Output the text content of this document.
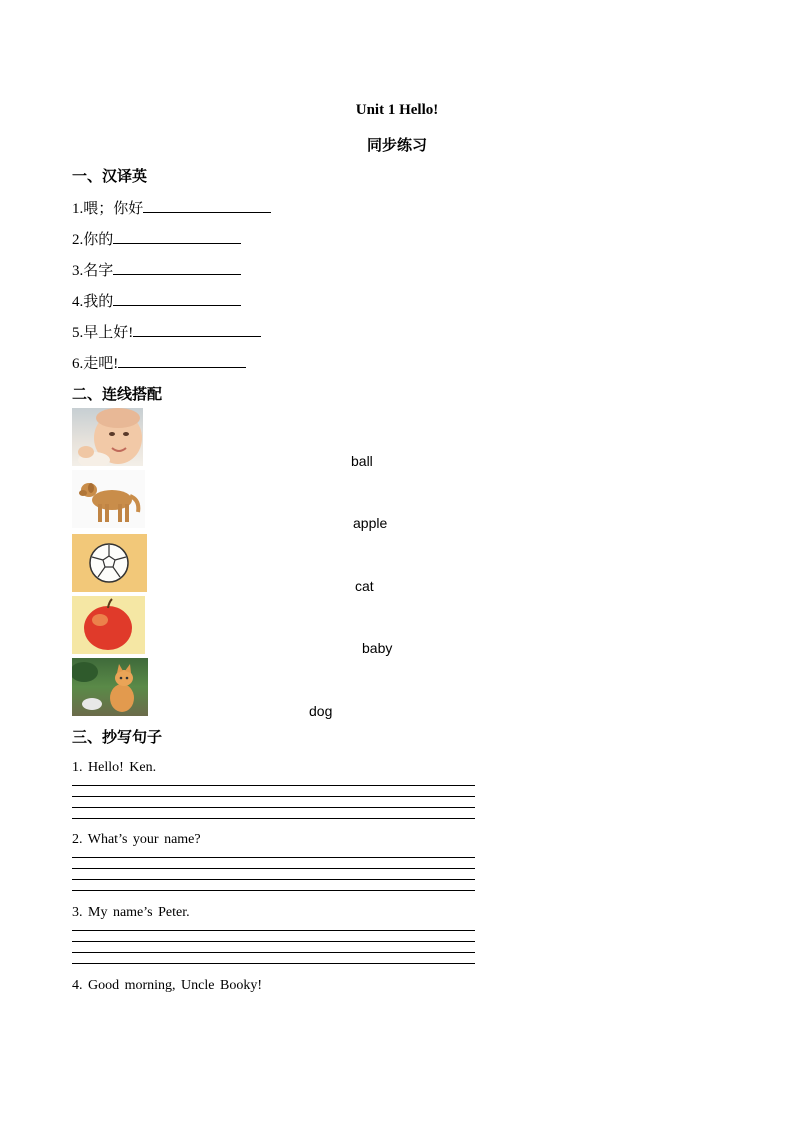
Unit 1 Hello!
同步练习
一、汉译英
1.喂；你好
2.你的
3.名字
4.我的
5.早上好!
6.走吧!
二、连线搭配
ball
apple
cat
baby
dog
三、抄写句子
1. Hello! Ken.
2. What’s your name?
3. My name’s Peter.
4. Good morning, Uncle Booky!
